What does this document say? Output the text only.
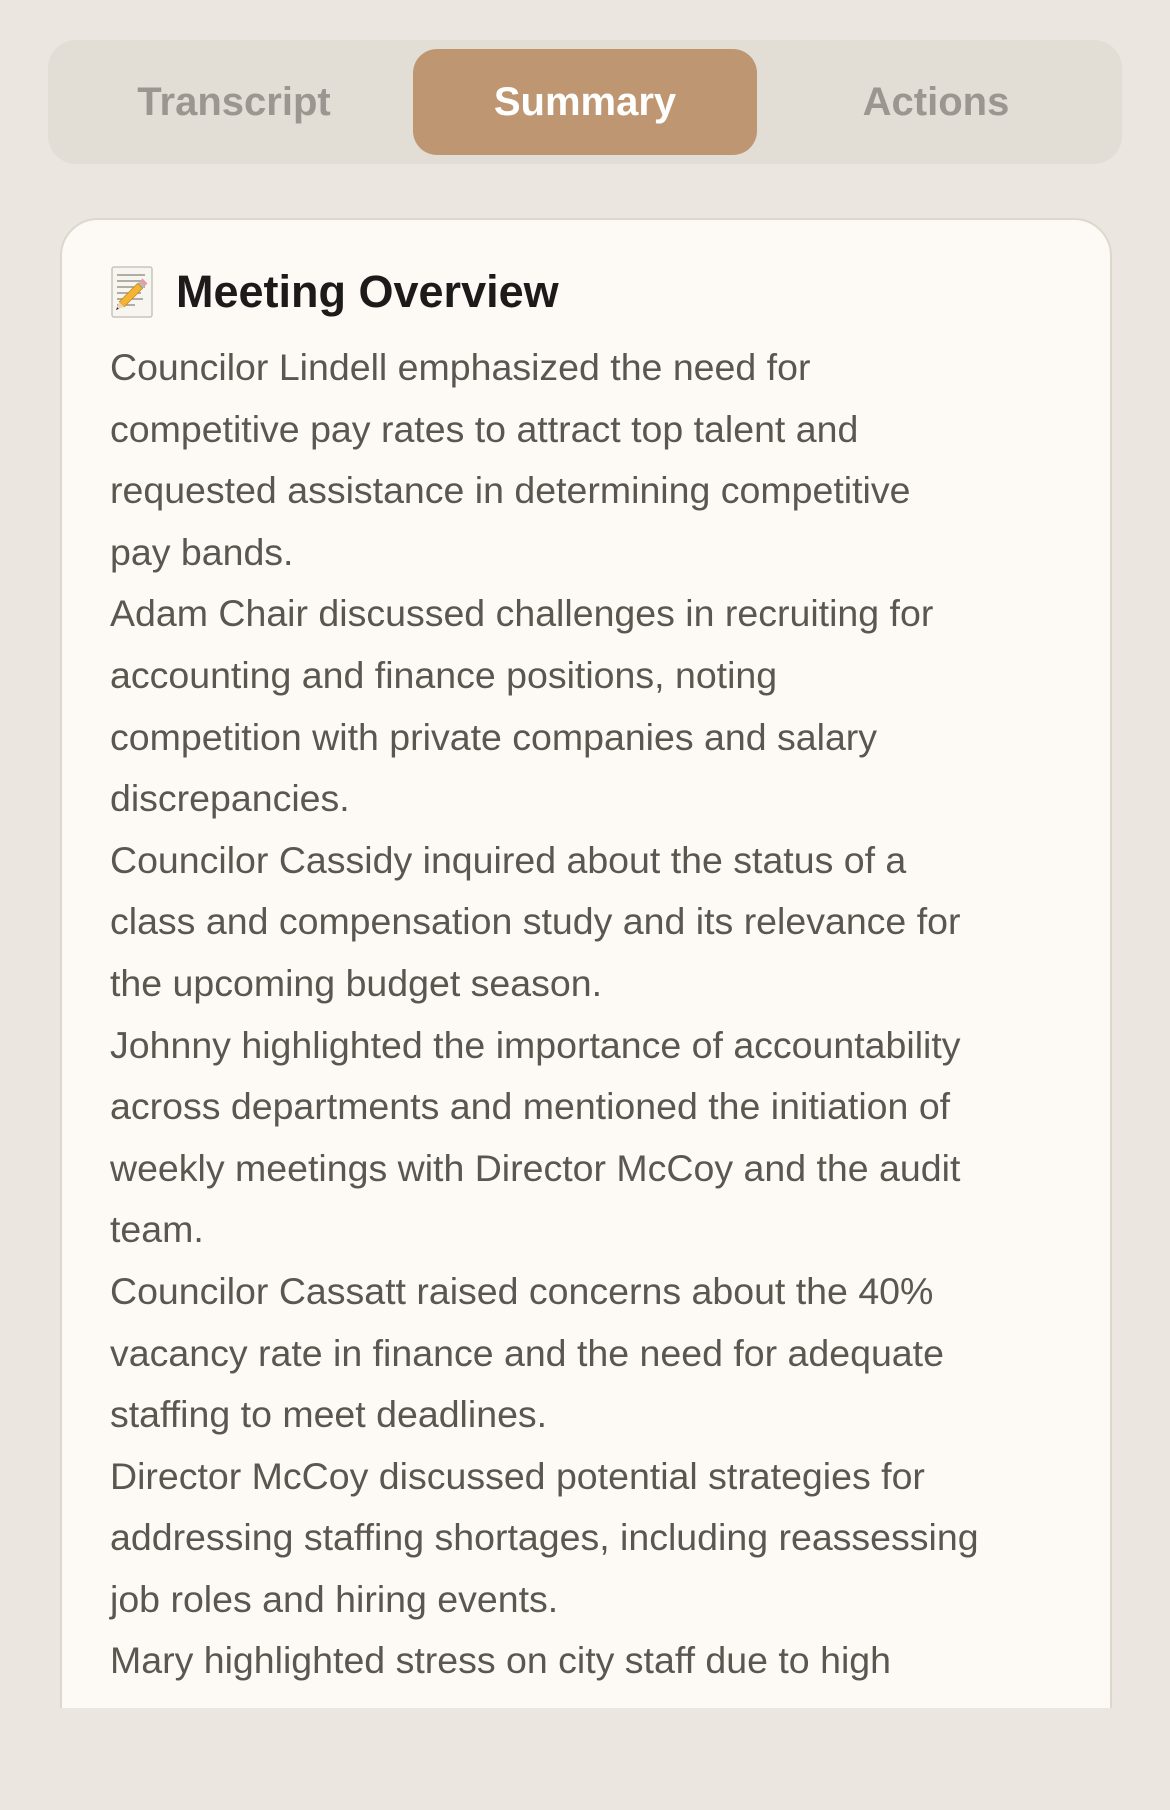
Transcript	Summary	Actions
Meeting Overview

Councilor Lindell emphasized the need for

competitive pay rates to attract top talent and

requested assistance in determining competitive

pay bands.

Adam Chair discussed challenges in recruiting for

accounting and finance positions, noting

competition with private companies and salary

discrepancies.

Councilor Cassidy inquired about the status of a

class and compensation study and its relevance for

the upcoming budget season.

Johnny highlighted the importance of accountability

across departments and mentioned the initiation of

weekly meetings with Director McCoy and the audit

team.

Councilor Cassatt raised concerns about the 40%

vacancy rate in finance and the need for adequate

staffing to meet deadlines.

Director McCoy discussed potential strategies for

addressing staffing shortages, including reassessing

job roles and hiring events.

Mary highlighted stress on city staff due to high
